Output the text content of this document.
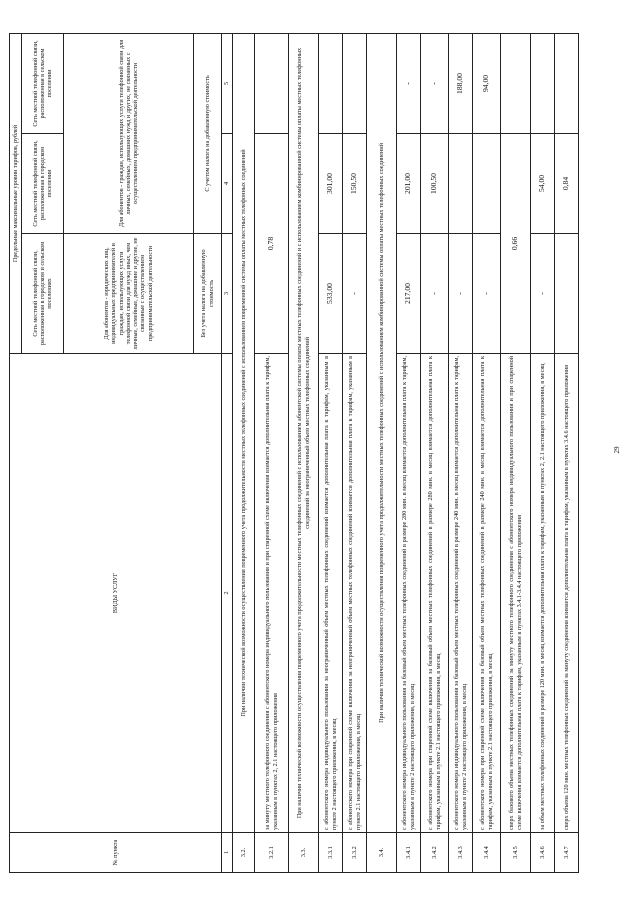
29
№ пункта	ВИДЫ УСЛУГ	Предельные максимальные уровни тарифов, рублей		
		Сеть местной телефонной связи, расположенная в городском и сельском поселениях	Сеть местной телефонной связи, расположенная в городском поселении	Сеть местной телефонной связи, расположенная в сельском поселении
		Для абонентов - юридических лиц, индивидуальных предпринимателей и граждан, использующих услуги телефонной связи для нужд иных, чем личные, семейные, домашние и другие, не связанные с осуществлением предпринимательской деятельности	Для абонентов - граждан, использующих услуги телефонной связи для личных, семейных, домашних нужд и других, не связанных с осуществлением предпринимательской деятельности	
		Без учета налога на добавленную стоимость	С учетом налога на добавленную стоимость	
1	2	3	4	5
3.2.	При наличии технической возможности осуществления повременного учета продолжительности местных телефонных соединений с использованием повременной системы оплаты местных телефонных соединений			
3.2.1	за минуту местного телефонного соединения с абонентского номера индивидуального пользования и при спаренной схеме включения взимается дополнительная плата к тарифам, указанным в пунктах 2, 2.1 настоящего приложения	0,78		
3.3.	При наличии технической возможности осуществления повременного учета продолжительности местных телефонных соединений с использованием абонентской системы оплаты местных телефонных соединений и с использованием комбинированной системы оплаты местных телефонных соединений за неограниченный объем местных телефонных соединений			
3.3.1	с абонентского номера индивидуального пользования за неограниченный объем местных телефонных соединений взимается дополнительная плата к тарифам, указанным в пункте 2 настоящего приложения, в месяц	533,00	301,00	
3.3.2	с абонентского номера при спаренной схеме включения за неограниченный объем местных телефонных соединений взимается дополнительная плата к тарифам, указанным в пункте 2.1 настоящего приложения, в месяц	-	150,50	
3.4.	При наличии технической возможности осуществления повременного учета продолжительности местных телефонных соединений с использованием комбинированной системы оплаты местных телефонных соединений			
3.4.1	с абонентского номера индивидуального пользования за базовый объем местных телефонных соединений в размере 280 мин. в месяц взимается дополнительная плата к тарифам, указанным в пункте 2 настоящего приложения, в месяц	217,00	201,00	-
3.4.2	с абонентского номера при спаренной схеме включения за базовый объем местных телефонных соединений в размере 280 мин. в месяц взимается дополнительная плата к тарифам, указанным в пункте 2.1 настоящего приложения, в месяц	-	100,50	-
3.4.3	с абонентского номера индивидуального пользования за базовый объем местных телефонных соединений в размере 240 мин. в месяц взимается дополнительная плата к тарифам, указанным в пункте 2 настоящего приложения, в месяц	-		188,00
3.4.4	с абонентского номера при спаренной схеме включения за базовый объем местных телефонных соединений в размере 240 мин. в месяц взимается дополнительная плата к тарифам, указанным в пункте 2.1 настоящего приложения, в месяц	-		94,00
3.4.5	сверх базового объема местных телефонных соединений за минуту местного телефонного соединения с абонентского номера индивидуального пользования и при спаренной схеме включения взимается дополнительная плата к тарифам, указанным в пунктах 3.4.1-3.4.4 настоящего приложения	0,66		
3.4.6	за объем местных телефонных соединений в размере 120 мин. в месяц взимается дополнительная плата к тарифам, указанным в пунктах 2, 2.1 настоящего приложения, в месяц	-	54,00	
3.4.7	сверх объема 120 мин. местных телефонных соединений за минуту соединения взимается дополнительная плата к тарифам, указанным в пунктах 3.4.6 настоящего приложения		0,84	
